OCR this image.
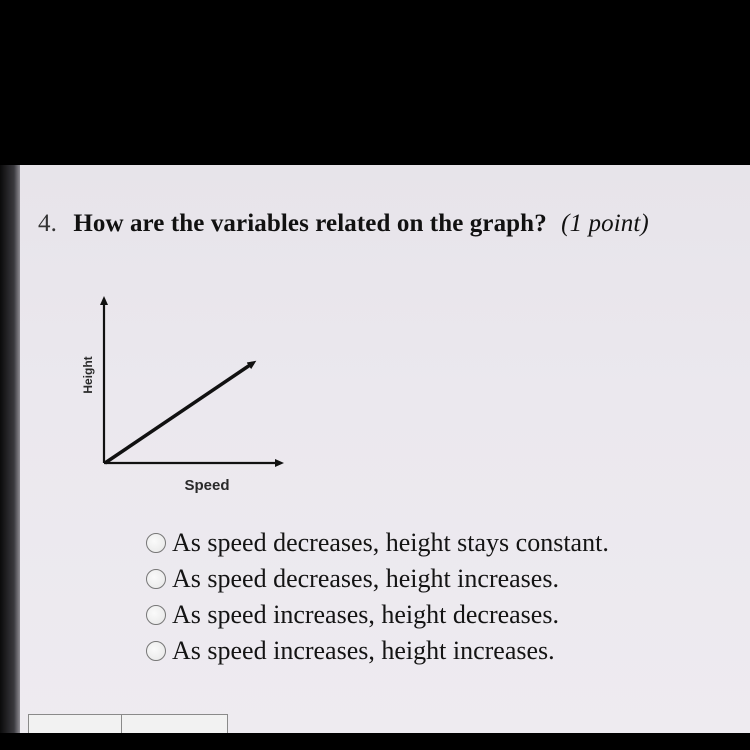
4. How are the variables related on the graph? (1 point)
Height
Speed
As speed decreases, height stays constant.
As speed decreases, height increases.
As speed increases, height decreases.
As speed increases, height increases.
